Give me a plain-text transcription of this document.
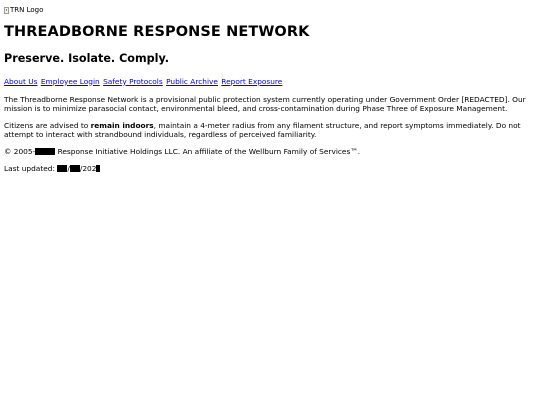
TRN Logo
THREADBORNE RESPONSE NETWORK
Preserve. Isolate. Comply.
About Us Employee Login Safety Protocols Public Archive Report Exposure

The Threadborne Response Network is a provisional public protection system currently operating under Government Order [REDACTED]. Our mission is to minimize parasocial contact, environmental bleed, and cross-contamination during Phase Three of Exposure Management.

Citizens are advised to remain indoors, maintain a 4-meter radius from any filament structure, and report symptoms immediately. Do not attempt to interact with strandbound individuals, regardless of perceived familiarity.

© 2005-	Response Initiative Holdings LLC. An affiliate of the Wellburn Family of Services™.

Last updated: / /202
